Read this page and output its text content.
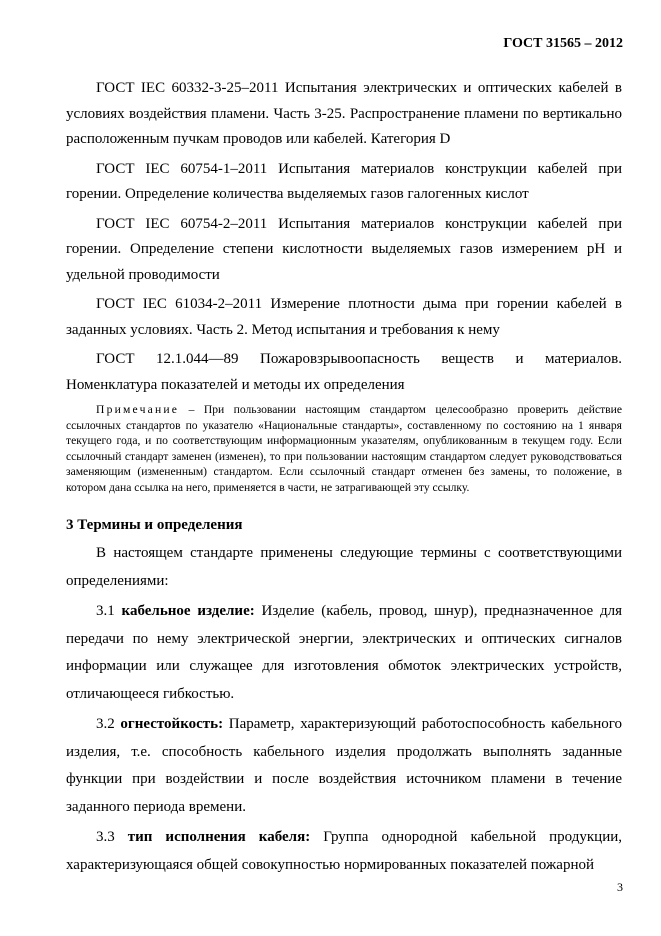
ГОСТ 31565 – 2012

ГОСТ IEC 60332-3-25–2011 Испытания электрических и оптических кабелей в условиях воздействия пламени. Часть 3-25. Распространение пламени по вертикально расположенным пучкам проводов или кабелей. Категория D

ГОСТ IEC 60754-1–2011 Испытания материалов конструкции кабелей при горении. Определение количества выделяемых газов галогенных кислот

ГОСТ IEC 60754-2–2011 Испытания материалов конструкции кабелей при горении. Определение степени кислотности выделяемых газов измерением pH и удельной проводимости

ГОСТ IEC 61034-2–2011 Измерение плотности дыма при горении кабелей в заданных условиях. Часть 2. Метод испытания и требования к нему

ГОСТ 12.1.044—89 Пожаровзрывоопасность веществ и материалов. Номенклатура показателей и методы их определения

Примечание – При пользовании настоящим стандартом целесообразно проверить действие ссылочных стандартов по указателю «Национальные стандарты», составленному по состоянию на 1 января текущего года, и по соответствующим информационным указателям, опубликованным в текущем году. Если ссылочный стандарт заменен (изменен), то при пользовании настоящим стандартом следует руководствоваться заменяющим (измененным) стандартом. Если ссылочный стандарт отменен без замены, то положение, в котором дана ссылка на него, применяется в части, не затрагивающей эту ссылку.

3 Термины и определения

В настоящем стандарте применены следующие термины с соответствующими определениями:

3.1 кабельное изделие: Изделие (кабель, провод, шнур), предназначенное для передачи по нему электрической энергии, электрических и оптических сигналов информации или служащее для изготовления обмоток электрических устройств, отличающееся гибкостью.

3.2 огнестойкость: Параметр, характеризующий работоспособность кабельного изделия, т.е. способность кабельного изделия продолжать выполнять заданные функции при воздействии и после воздействия источником пламени в течение заданного периода времени.

3.3 тип исполнения кабеля: Группа однородной кабельной продукции, характеризующаяся общей совокупностью нормированных показателей пожарной

3
